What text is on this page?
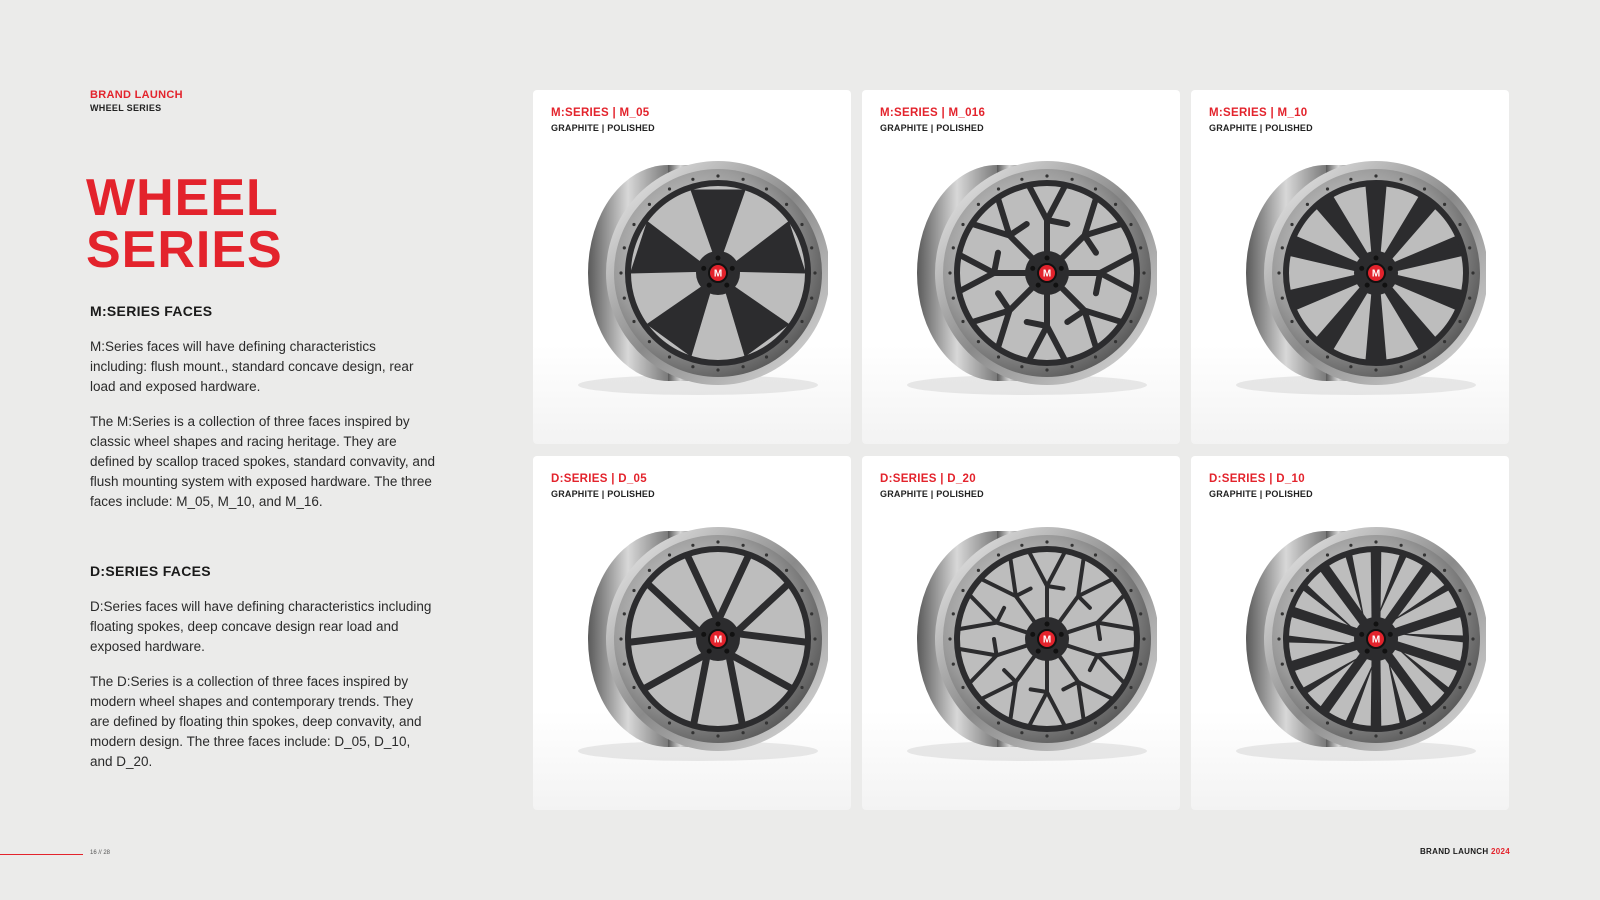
BRAND LAUNCH
WHEEL SERIES
WHEEL
SERIES
M:SERIES FACES

M:Series faces will have defining characteristics including: flush mount., standard concave design, rear load and exposed hardware.

The M:Series is a collection of three faces inspired by classic wheel shapes and racing heritage. They are defined by scallop traced spokes, standard convavity, and flush mounting system with exposed hardware. The three faces include: M_05, M_10, and M_16.

D:SERIES FACES

D:Series faces will have defining characteristics including floating spokes, deep concave design rear load and exposed hardware.

The D:Series is a collection of three faces inspired by modern wheel shapes and contemporary trends. They are defined by floating thin spokes, deep convavity, and modern design. The three faces include: D_05, D_10, and D_20.

M:SERIES | M_05
GRAPHITE | POLISHED
M
M:SERIES | M_016
GRAPHITE | POLISHED
M
M:SERIES | M_10
GRAPHITE | POLISHED
M
D:SERIES | D_05
GRAPHITE | POLISHED
M
D:SERIES | D_20
GRAPHITE | POLISHED
M
D:SERIES | D_10
GRAPHITE | POLISHED
M
16 // 28	BRAND LAUNCH 2024
